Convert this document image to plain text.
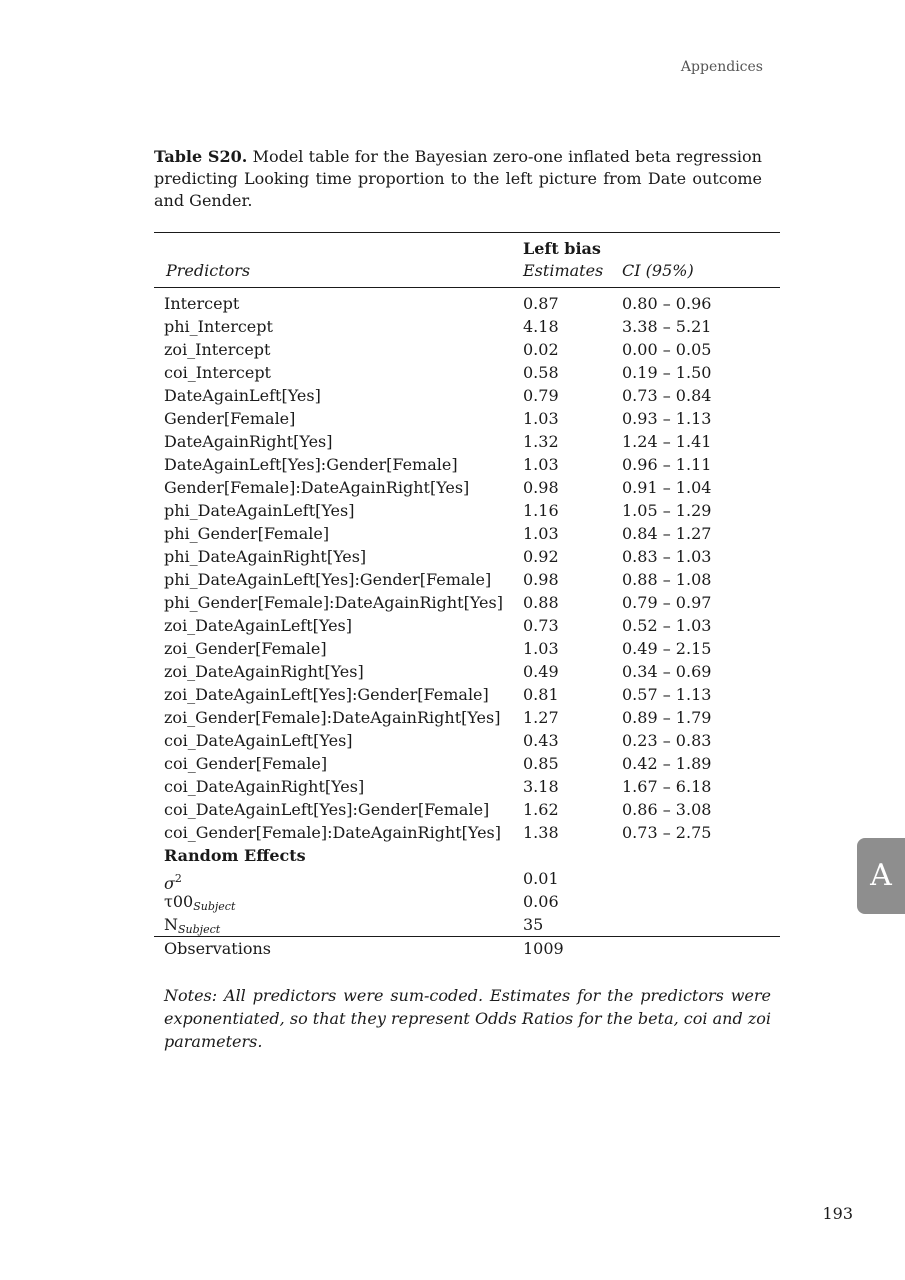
Appendices
Table S20. Model table for the Bayesian zero-one inflated beta regression predicting Looking time proportion to the left picture from Date outcome and Gender.
Left bias
Predictors	Estimates CI (95%)
Intercept	0.87	0.80 – 0.96
phi_Intercept	4.18	3.38 – 5.21
zoi_Intercept	0.02	0.00 – 0.05
coi_Intercept	0.58	0.19 – 1.50
DateAgainLeft[Yes]	0.79	0.73 – 0.84
Gender[Female]	1.03	0.93 – 1.13
DateAgainRight[Yes]	1.32	1.24 – 1.41
DateAgainLeft[Yes]:Gender[Female]	1.03	0.96 – 1.11
Gender[Female]:DateAgainRight[Yes]	0.98	0.91 – 1.04
phi_DateAgainLeft[Yes]	1.16	1.05 – 1.29
phi_Gender[Female]	1.03	0.84 – 1.27
phi_DateAgainRight[Yes]	0.92	0.83 – 1.03
phi_DateAgainLeft[Yes]:Gender[Female] 0.98	0.88 – 1.08
phi_Gender[Female]:DateAgainRight[Yes] 0.88	0.79 – 0.97
zoi_DateAgainLeft[Yes]	0.73	0.52 – 1.03
zoi_Gender[Female]	1.03	0.49 – 2.15
zoi_DateAgainRight[Yes]	0.49	0.34 – 0.69
zoi_DateAgainLeft[Yes]:Gender[Female] 0.81	0.57 – 1.13
zoi_Gender[Female]:DateAgainRight[Yes] 1.27	0.89 – 1.79
coi_DateAgainLeft[Yes]	0.43	0.23 – 0.83
coi_Gender[Female]	0.85	0.42 – 1.89
coi_DateAgainRight[Yes]	3.18	1.67 – 6.18
coi_DateAgainLeft[Yes]:Gender[Female] 1.62	0.86 – 3.08
coi_Gender[Female]:DateAgainRight[Yes] 1.38	0.73 – 2.75
Random Effects
$\sigma^2$	0.01
$\tau 00_{Subject}$	0.06
$N_{Subject}$	35
Observations	1009
Notes: All predictors were sum-coded. Estimates for the predictors were exponentiated, so that they represent Odds Ratios for the beta, coi and zoi parameters.
A
193
